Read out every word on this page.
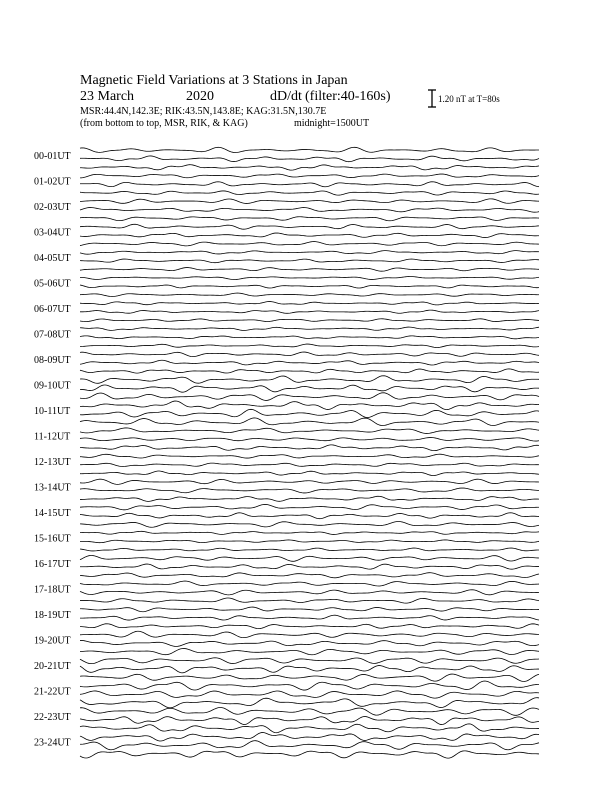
Magnetic Field Variations at 3 Stations in Japan
23 March	2020	dD/dt (filter:40-160s)
MSR:44.4N,142.3E; RIK:43.5N,143.8E; KAG:31.5N,130.7E
(from bottom to top, MSR, RIK, & KAG)	midnight=1500UT
1.20 nT at T=80s
00-01UT
01-02UT
02-03UT
03-04UT
04-05UT
05-06UT
06-07UT
07-08UT
08-09UT
09-10UT
10-11UT
11-12UT
12-13UT
13-14UT
14-15UT
15-16UT
16-17UT
17-18UT
18-19UT
19-20UT
20-21UT
21-22UT
22-23UT
23-24UT
